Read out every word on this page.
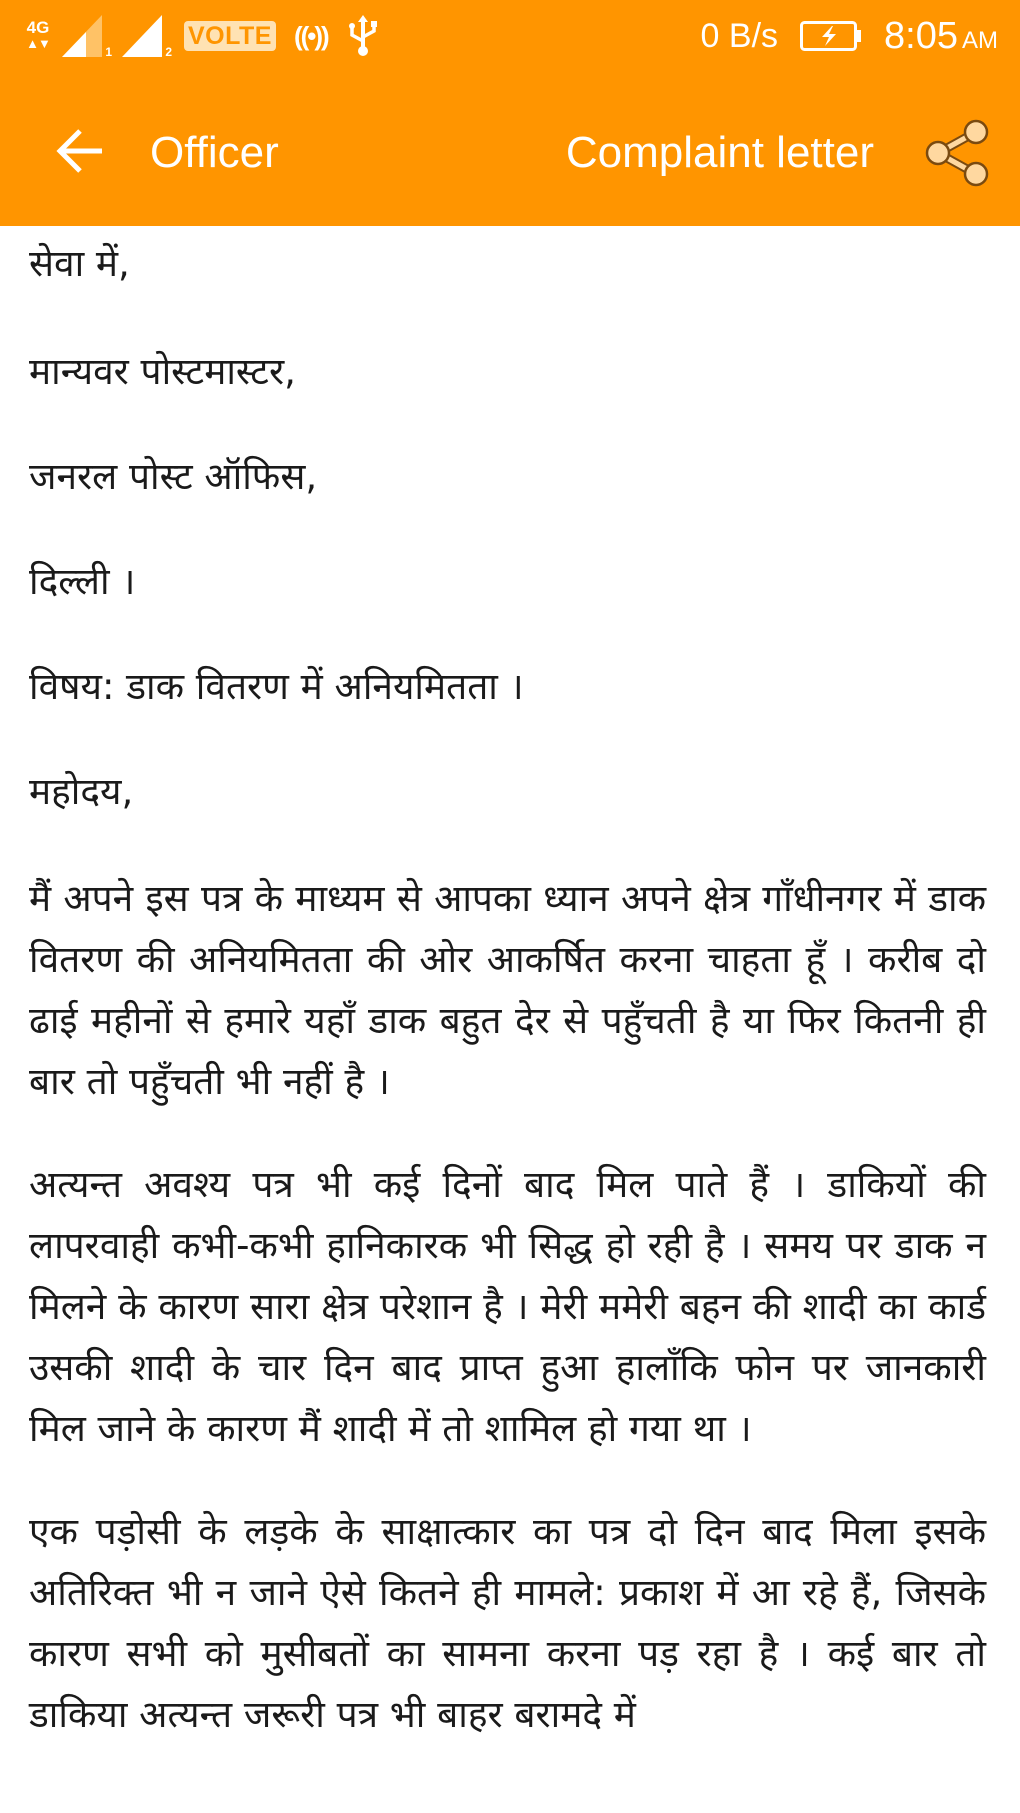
4G
▲▼
1	2
VOLTE ((•))	0 B/s	8:05 AM
Officer	Complaint letter
सेवा में,
मान्यवर पोस्टमास्टर,
जनरल पोस्ट ऑफिस,
दिल्ली ।
विषय: डाक वितरण में अनियमितता ।
महोदय,

मैं अपने इस पत्र के माध्यम से आपका ध्यान अपने क्षेत्र गाँधीनगर में डाक वितरण की अनियमितता की ओर आकर्षित करना चाहता हूँ । करीब दो ढाई महीनों से हमारे यहाँ डाक बहुत देर से पहुँचती है या फिर कितनी ही बार तो पहुँचती भी नहीं है ।

अत्यन्त अवश्य पत्र भी कई दिनों बाद मिल पाते हैं । डाकियों की लापरवाही कभी-कभी हानिकारक भी सिद्ध हो रही है । समय पर डाक न मिलने के कारण सारा क्षेत्र परेशान है । मेरी ममेरी बहन की शादी का कार्ड उसकी शादी के चार दिन बाद प्राप्त हुआ हालाँकि फोन पर जानकारी मिल जाने के कारण मैं शादी में तो शामिल हो गया था ।

एक पड़ोसी के लड़के के साक्षात्कार का पत्र दो दिन बाद मिला इसके अतिरिक्त भी न जाने ऐसे कितने ही मामले: प्रकाश में आ रहे हैं, जिसके कारण सभी को मुसीबतों का सामना करना पड़ रहा है । कई बार तो डाकिया अत्यन्त जरूरी पत्र भी बाहर बरामदे में
